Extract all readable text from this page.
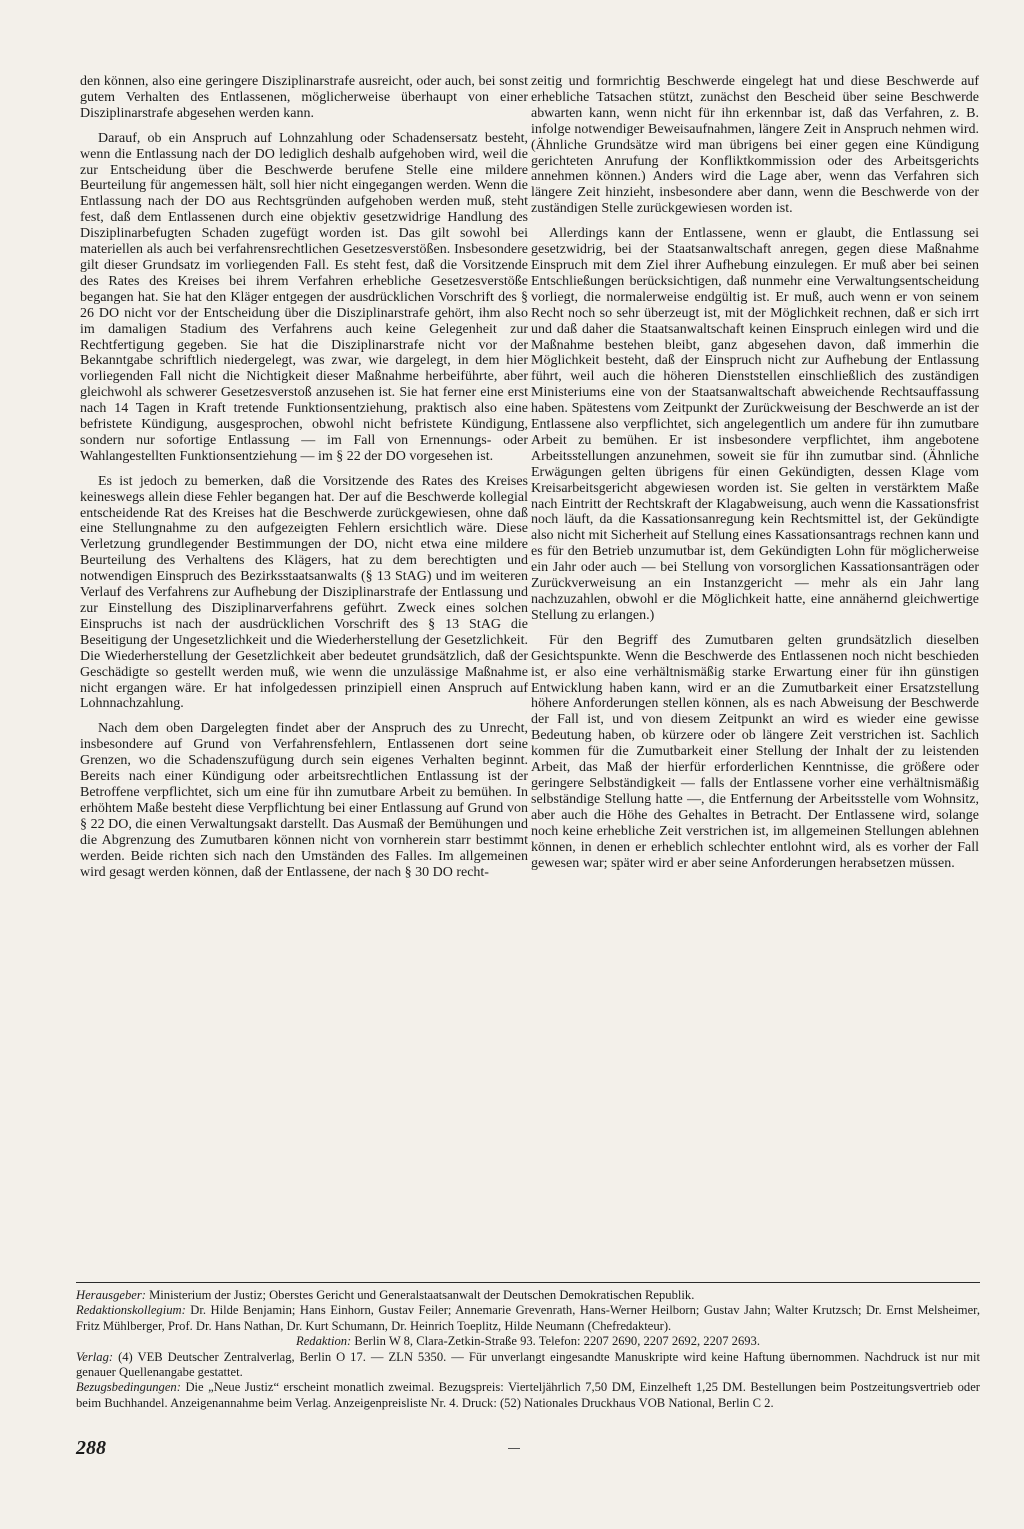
den können, also eine geringere Disziplinarstrafe ausreicht, oder auch, bei sonst gutem Verhalten des Entlassenen, möglicherweise überhaupt von einer Disziplinarstrafe abgesehen werden kann.

Darauf, ob ein Anspruch auf Lohnzahlung oder Schadensersatz besteht, wenn die Entlassung nach der DO lediglich deshalb aufgehoben wird, weil die zur Entscheidung über die Beschwerde berufene Stelle eine mildere Beurteilung für angemessen hält, soll hier nicht eingegangen werden. Wenn die Entlassung nach der DO aus Rechtsgründen aufgehoben werden muß, steht fest, daß dem Entlassenen durch eine objektiv gesetzwidrige Handlung des Disziplinarbefugten Schaden zugefügt worden ist. Das gilt sowohl bei materiellen als auch bei verfahrensrechtlichen Gesetzesverstößen. Insbesondere gilt dieser Grundsatz im vorliegenden Fall. Es steht fest, daß die Vorsitzende des Rates des Kreises bei ihrem Verfahren erhebliche Gesetzesverstöße begangen hat. Sie hat den Kläger entgegen der ausdrücklichen Vorschrift des § 26 DO nicht vor der Entscheidung über die Disziplinarstrafe gehört, ihm also im damaligen Stadium des Verfahrens auch keine Gelegenheit zur Rechtfertigung gegeben. Sie hat die Disziplinarstrafe nicht vor der Bekanntgabe schriftlich niedergelegt, was zwar, wie dargelegt, in dem hier vorliegenden Fall nicht die Nichtigkeit dieser Maßnahme herbeiführte, aber gleichwohl als schwerer Gesetzesverstoß anzusehen ist. Sie hat ferner eine erst nach 14 Tagen in Kraft tretende Funktionsentziehung, praktisch also eine befristete Kündigung, ausgesprochen, obwohl nicht befristete Kündigung, sondern nur sofortige Entlassung — im Fall von Ernennungs- oder Wahlangestellten Funktionsentziehung — im § 22 der DO vorgesehen ist.

Es ist jedoch zu bemerken, daß die Vorsitzende des Rates des Kreises keineswegs allein diese Fehler begangen hat. Der auf die Beschwerde kollegial entscheidende Rat des Kreises hat die Beschwerde zurückgewiesen, ohne daß eine Stellungnahme zu den aufgezeigten Fehlern ersichtlich wäre. Diese Verletzung grundlegender Bestimmungen der DO, nicht etwa eine mildere Beurteilung des Verhaltens des Klägers, hat zu dem berechtigten und notwendigen Einspruch des Bezirksstaatsanwalts (§ 13 StAG) und im weiteren Verlauf des Verfahrens zur Aufhebung der Disziplinarstrafe der Entlassung und zur Einstellung des Disziplinarverfahrens geführt. Zweck eines solchen Einspruchs ist nach der ausdrücklichen Vorschrift des § 13 StAG die Beseitigung der Ungesetzlichkeit und die Wiederherstellung der Gesetzlichkeit. Die Wiederherstellung der Gesetzlichkeit aber bedeutet grundsätzlich, daß der Geschädigte so gestellt werden muß, wie wenn die unzulässige Maßnahme nicht ergangen wäre. Er hat infolgedessen prinzipiell einen Anspruch auf Lohnnachzahlung.

Nach dem oben Dargelegten findet aber der Anspruch des zu Unrecht, insbesondere auf Grund von Verfahrensfehlern, Entlassenen dort seine Grenzen, wo die Schadenszufügung durch sein eigenes Verhalten beginnt. Bereits nach einer Kündigung oder arbeitsrechtlichen Entlassung ist der Betroffene verpflichtet, sich um eine für ihn zumutbare Arbeit zu bemühen. In erhöhtem Maße besteht diese Verpflichtung bei einer Entlassung auf Grund von § 22 DO, die einen Verwaltungsakt darstellt. Das Ausmaß der Bemühungen und die Abgrenzung des Zumutbaren können nicht von vornherein starr bestimmt werden. Beide richten sich nach den Umständen des Falles. Im allgemeinen wird gesagt werden können, daß der Entlassene, der nach § 30 DO recht-

zeitig und formrichtig Beschwerde eingelegt hat und diese Beschwerde auf erhebliche Tatsachen stützt, zunächst den Bescheid über seine Beschwerde abwarten kann, wenn nicht für ihn erkennbar ist, daß das Verfahren, z. B. infolge notwendiger Beweisaufnahmen, längere Zeit in Anspruch nehmen wird. (Ähnliche Grundsätze wird man übrigens bei einer gegen eine Kündigung gerichteten Anrufung der Konfliktkommission oder des Arbeitsgerichts annehmen können.) Anders wird die Lage aber, wenn das Verfahren sich längere Zeit hinzieht, insbesondere aber dann, wenn die Beschwerde von der zuständigen Stelle zurückgewiesen worden ist.

Allerdings kann der Entlassene, wenn er glaubt, die Entlassung sei gesetzwidrig, bei der Staatsanwaltschaft anregen, gegen diese Maßnahme Einspruch mit dem Ziel ihrer Aufhebung einzulegen. Er muß aber bei seinen Entschließungen berücksichtigen, daß nunmehr eine Verwaltungsentscheidung vorliegt, die normalerweise endgültig ist. Er muß, auch wenn er von seinem Recht noch so sehr überzeugt ist, mit der Möglichkeit rechnen, daß er sich irrt und daß daher die Staatsanwaltschaft keinen Einspruch einlegen wird und die Maßnahme bestehen bleibt, ganz abgesehen davon, daß immerhin die Möglichkeit besteht, daß der Einspruch nicht zur Aufhebung der Entlassung führt, weil auch die höheren Dienststellen einschließlich des zuständigen Ministeriums eine von der Staatsanwaltschaft abweichende Rechtsauffassung haben. Spätestens vom Zeitpunkt der Zurückweisung der Beschwerde an ist der Entlassene also verpflichtet, sich angelegentlich um andere für ihn zumutbare Arbeit zu bemühen. Er ist insbesondere verpflichtet, ihm angebotene Arbeitsstellungen anzunehmen, soweit sie für ihn zumutbar sind. (Ähnliche Erwägungen gelten übrigens für einen Gekündigten, dessen Klage vom Kreisarbeitsgericht abgewiesen worden ist. Sie gelten in verstärktem Maße nach Eintritt der Rechtskraft der Klagabweisung, auch wenn die Kassationsfrist noch läuft, da die Kassationsanregung kein Rechtsmittel ist, der Gekündigte also nicht mit Sicherheit auf Stellung eines Kassationsantrags rechnen kann und es für den Betrieb unzumutbar ist, dem Gekündigten Lohn für möglicherweise ein Jahr oder auch — bei Stellung von vorsorglichen Kassationsanträgen oder Zurückverweisung an ein Instanzgericht — mehr als ein Jahr lang nachzuzahlen, obwohl er die Möglichkeit hatte, eine annähernd gleichwertige Stellung zu erlangen.)

Für den Begriff des Zumutbaren gelten grundsätzlich dieselben Gesichtspunkte. Wenn die Beschwerde des Entlassenen noch nicht beschieden ist, er also eine verhältnismäßig starke Erwartung einer für ihn günstigen Entwicklung haben kann, wird er an die Zumutbarkeit einer Ersatzstellung höhere Anforderungen stellen können, als es nach Abweisung der Beschwerde der Fall ist, und von diesem Zeitpunkt an wird es wieder eine gewisse Bedeutung haben, ob kürzere oder ob längere Zeit verstrichen ist. Sachlich kommen für die Zumutbarkeit einer Stellung der Inhalt der zu leistenden Arbeit, das Maß der hierfür erforderlichen Kenntnisse, die größere oder geringere Selbständigkeit — falls der Entlassene vorher eine verhältnismäßig selbständige Stellung hatte —, die Entfernung der Arbeitsstelle vom Wohnsitz, aber auch die Höhe des Gehaltes in Betracht. Der Entlassene wird, solange noch keine erhebliche Zeit verstrichen ist, im allgemeinen Stellungen ablehnen können, in denen er erheblich schlechter entlohnt wird, als es vorher der Fall gewesen war; später wird er aber seine Anforderungen herabsetzen müssen.

Herausgeber: Ministerium der Justiz; Oberstes Gericht und Generalstaatsanwalt der Deutschen Demokratischen Republik.

Redaktionskollegium: Dr. Hilde Benjamin; Hans Einhorn, Gustav Feiler; Annemarie Grevenrath, Hans-Werner Heilborn; Gustav Jahn; Walter Krutzsch; Dr. Ernst Melsheimer, Fritz Mühlberger, Prof. Dr. Hans Nathan, Dr. Kurt Schumann, Dr. Heinrich Toeplitz, Hilde Neumann (Chefredakteur).

Redaktion: Berlin W 8, Clara-Zetkin-Straße 93. Telefon: 2207 2690, 2207 2692, 2207 2693.

Verlag: (4) VEB Deutscher Zentralverlag, Berlin O 17. — ZLN 5350. — Für unverlangt eingesandte Manuskripte wird keine Haftung übernommen. Nachdruck ist nur mit genauer Quellenangabe gestattet.

Bezugsbedingungen: Die „Neue Justiz“ erscheint monatlich zweimal. Bezugspreis: Vierteljährlich 7,50 DM, Einzelheft 1,25 DM. Bestellungen beim Postzeitungsvertrieb oder beim Buchhandel. Anzeigenannahme beim Verlag. Anzeigenpreisliste Nr. 4. Druck: (52) Nationales Druckhaus VOB National, Berlin C 2.

288
